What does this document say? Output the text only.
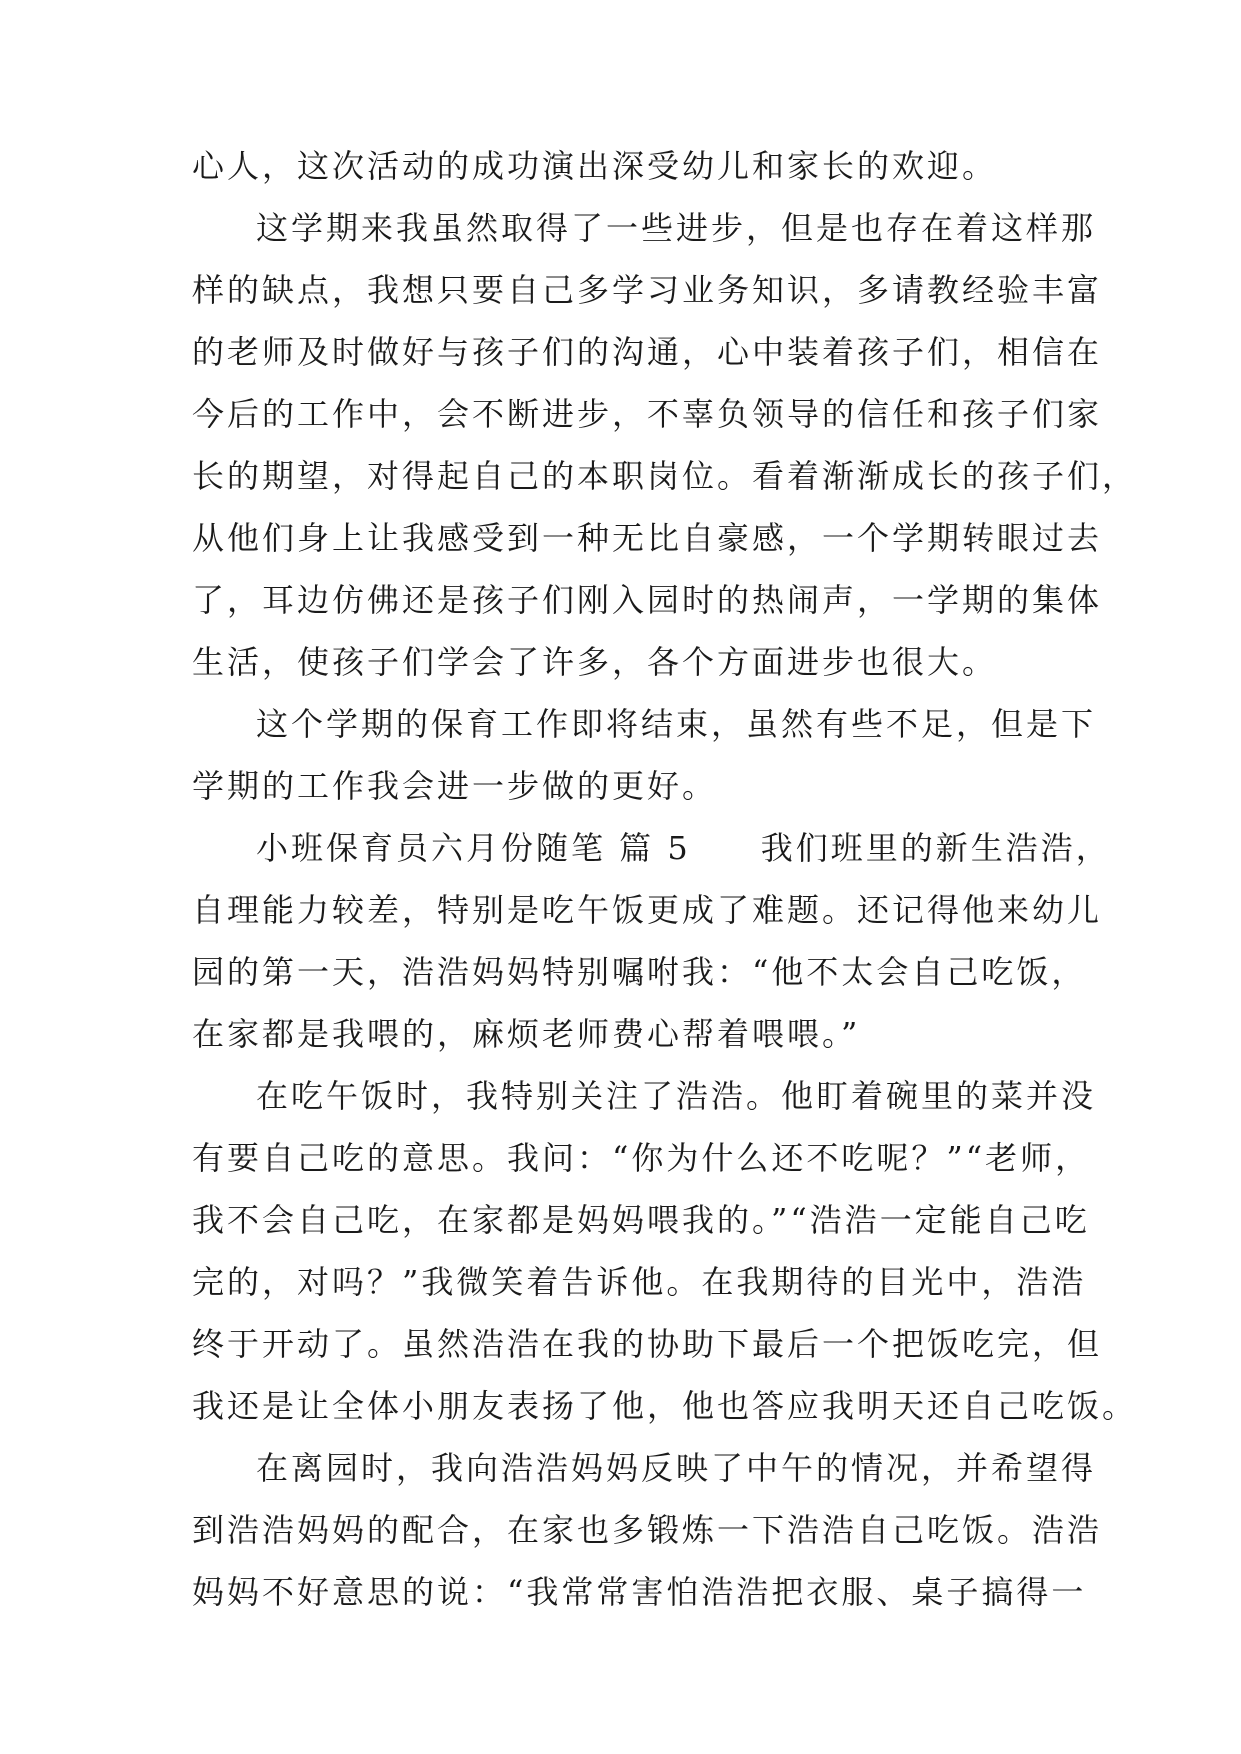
心人，这次活动的成功演出深受幼儿和家长的欢迎。
这学期来我虽然取得了一些进步，但是也存在着这样那
样的缺点，我想只要自己多学习业务知识，多请教经验丰富
的老师及时做好与孩子们的沟通，心中装着孩子们，相信在
今后的工作中，会不断进步，不辜负领导的信任和孩子们家
长的期望，对得起自己的本职岗位。看着渐渐成长的孩子们，
从他们身上让我感受到一种无比自豪感，一个学期转眼过去
了，耳边仿佛还是孩子们刚入园时的热闹声，一学期的集体
生活，使孩子们学会了许多，各个方面进步也很大。
这个学期的保育工作即将结束，虽然有些不足，但是下
学期的工作我会进一步做的更好。
小班保育员六月份随笔 篇 5 我们班里的新生浩浩，
自理能力较差，特别是吃午饭更成了难题。还记得他来幼儿
园的第一天，浩浩妈妈特别嘱咐我：“他不太会自己吃饭，
在家都是我喂的，麻烦老师费心帮着喂喂。”
在吃午饭时，我特别关注了浩浩。他盯着碗里的菜并没
有要自己吃的意思。我问：“你为什么还不吃呢？”“老师，
我不会自己吃，在家都是妈妈喂我的。”“浩浩一定能自己吃
完的，对吗？”我微笑着告诉他。在我期待的目光中，浩浩
终于开动了。虽然浩浩在我的协助下最后一个把饭吃完，但
我还是让全体小朋友表扬了他，他也答应我明天还自己吃饭。
在离园时，我向浩浩妈妈反映了中午的情况，并希望得
到浩浩妈妈的配合，在家也多锻炼一下浩浩自己吃饭。浩浩
妈妈不好意思的说：“我常常害怕浩浩把衣服、桌子搞得一
